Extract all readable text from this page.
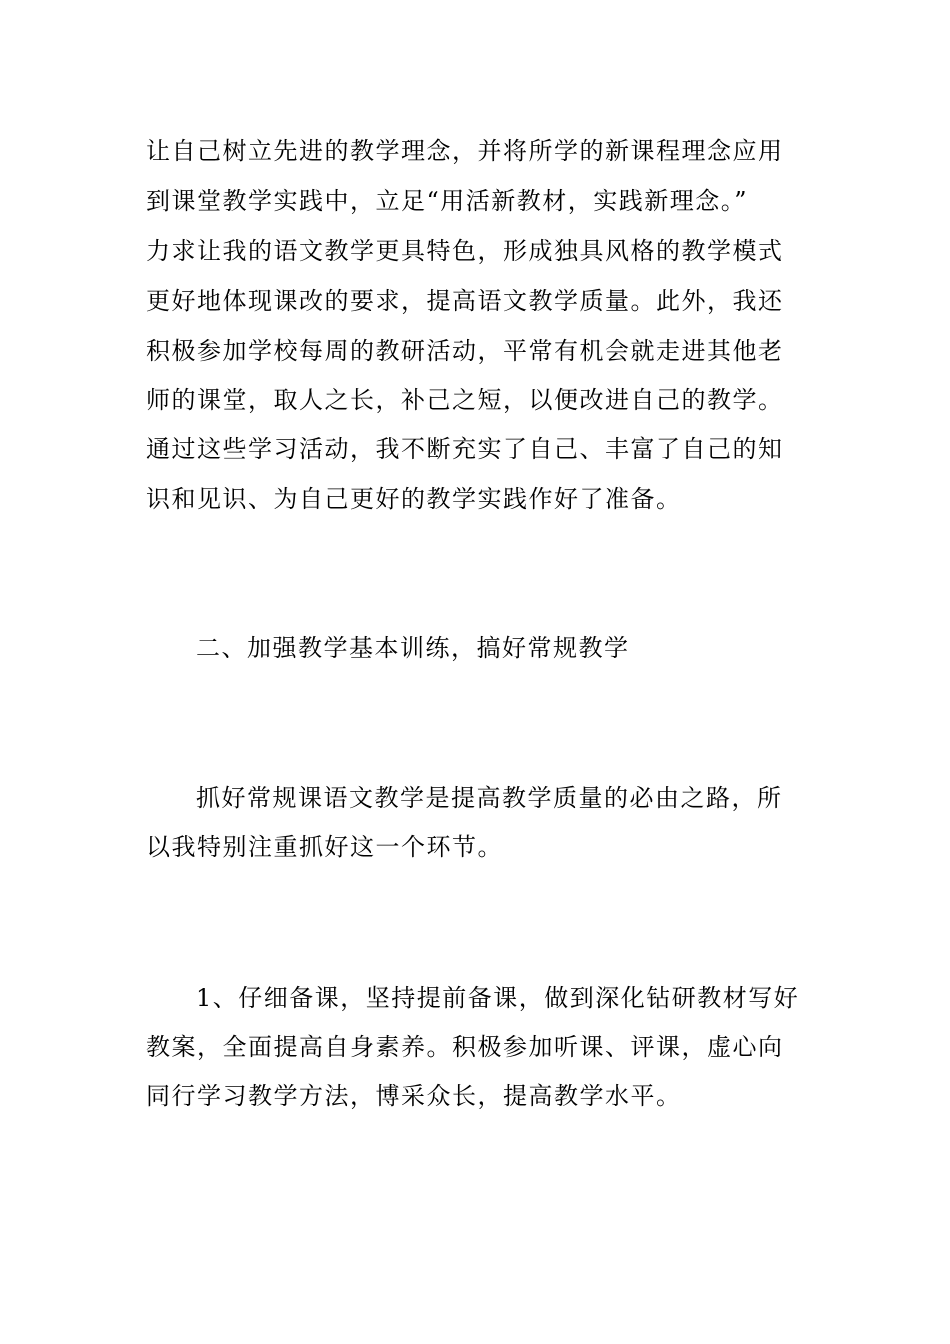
让自己树立先进的教学理念，并将所学的新课程理念应用
到课堂教学实践中，立足“用活新教材，实践新理念。”
力求让我的语文教学更具特色，形成独具风格的教学模式
更好地体现课改的要求，提高语文教学质量。此外，我还
积极参加学校每周的教研活动，平常有机会就走进其他老
师的课堂，取人之长，补己之短，以便改进自己的教学。
通过这些学习活动，我不断充实了自己、丰富了自己的知
识和见识、为自己更好的教学实践作好了准备。
二、加强教学基本训练，搞好常规教学
抓好常规课语文教学是提高教学质量的必由之路，所
以我特别注重抓好这一个环节。
1、仔细备课，坚持提前备课，做到深化钻研教材写好
教案，全面提高自身素养。积极参加听课、评课，虚心向
同行学习教学方法，博采众长，提高教学水平。
